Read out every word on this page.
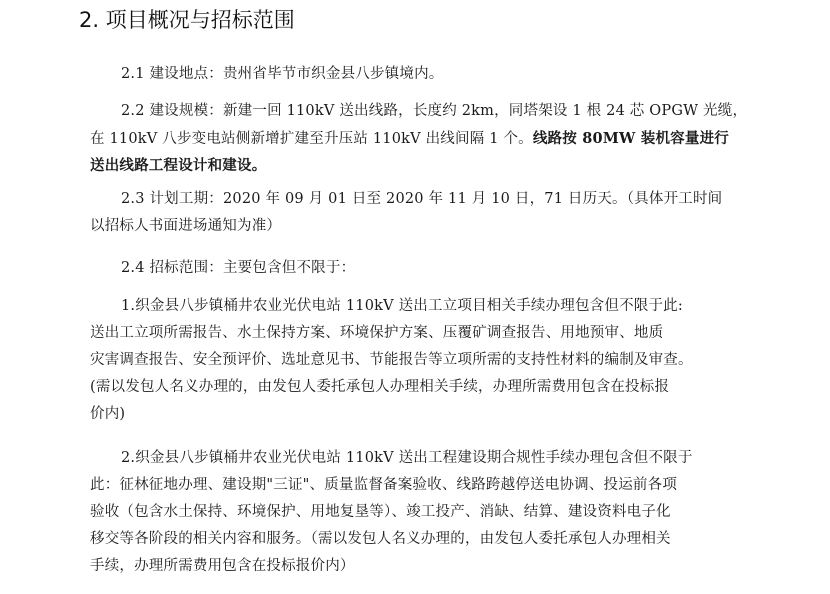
2. 项目概况与招标范围
2.1 建设地点：贵州省毕节市织金县八步镇境内。
2.2 建设规模：新建一回 110kV 送出线路，长度约 2km，同塔架设 1 根 24 芯 OPGW 光缆，
在 110kV 八步变电站侧新增扩建至升压站 110kV 出线间隔 1 个。线路按 80MW 装机容量进行
送出线路工程设计和建设。
2.3 计划工期：2020 年 09 月 01 日至 2020 年 11 月 10 日，71 日历天。（具体开工时间
以招标人书面进场通知为准）
2.4 招标范围：主要包含但不限于：
1.织金县八步镇桶井农业光伏电站 110kV 送出工立项目相关手续办理包含但不限于此:
送出工立项所需报告、水土保持方案、环境保护方案、压覆矿调查报告、用地预审、地质
灾害调查报告、安全预评价、选址意见书、节能报告等立项所需的支持性材料的编制及审查。
(需以发包人名义办理的，由发包人委托承包人办理相关手续，办理所需费用包含在投标报
价内)
2.织金县八步镇桶井农业光伏电站 110kV 送出工程建设期合规性手续办理包含但不限于
此：征林征地办理、建设期"三证"、质量监督备案验收、线路跨越停送电协调、投运前各项
验收（包含水土保持、环境保护、用地复垦等）、竣工投产、消缺、结算、建设资料电子化
移交等各阶段的相关内容和服务。（需以发包人名义办理的，由发包人委托承包人办理相关
手续，办理所需费用包含在投标报价内）
